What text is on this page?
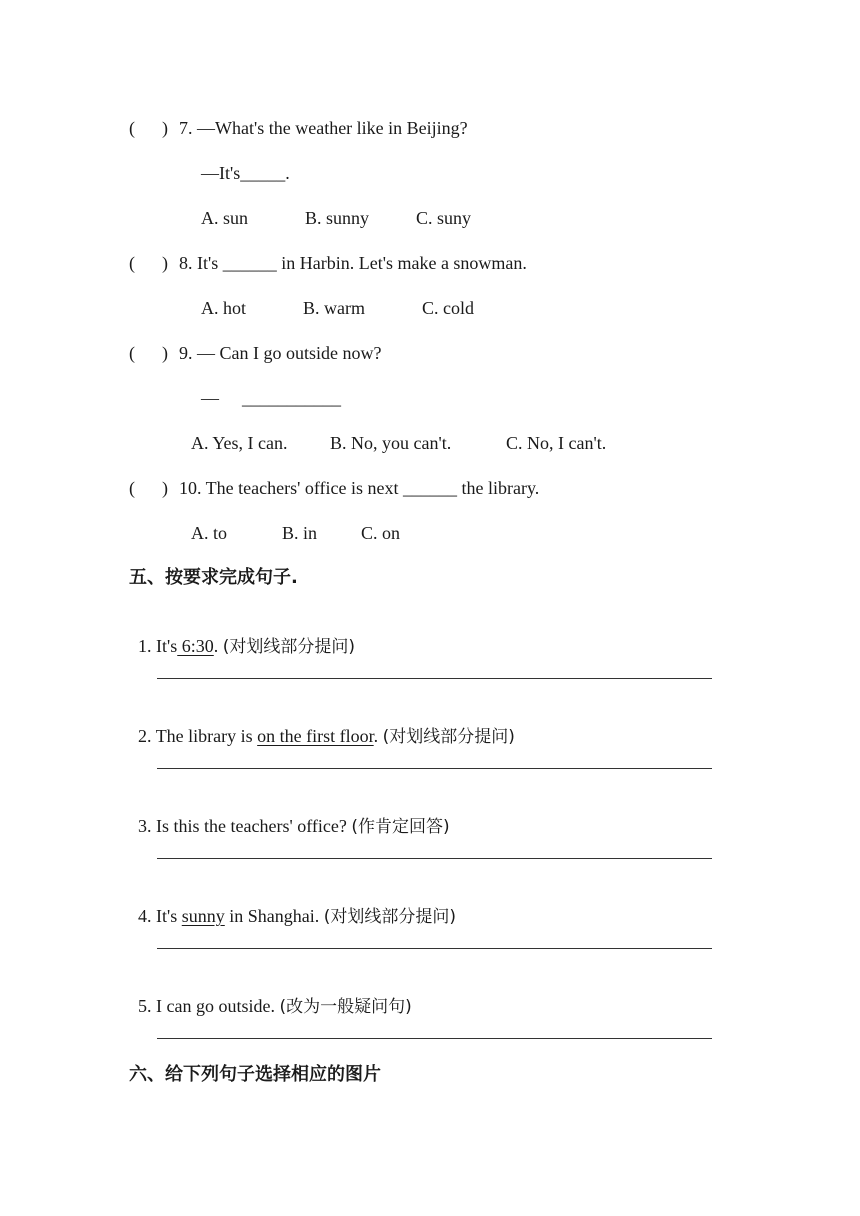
(      ) 7. —What's the weather like in Beijing?
—It's_____.
A. sun	B. sunny	C. suny
(      ) 8. It's ______ in Harbin. Let's make a snowman.
A. hot	B. warm	C. cold
(      ) 9. — Can I go outside now?
— ___________
A. Yes, I can. B. No, you can't.	C. No, I can't.
(      ) 10. The teachers' office is next ______ the library.
A. to	B. in C. on
五、按要求完成句子.

1. It's 6:30. (对划线部分提问)

2. The library is on the first floor. (对划线部分提问)

3. Is this the teachers' office? (作肯定回答)

4. It's sunny in Shanghai. (对划线部分提问)

5. I can go outside. (改为一般疑问句)

六、给下列句子选择相应的图片
